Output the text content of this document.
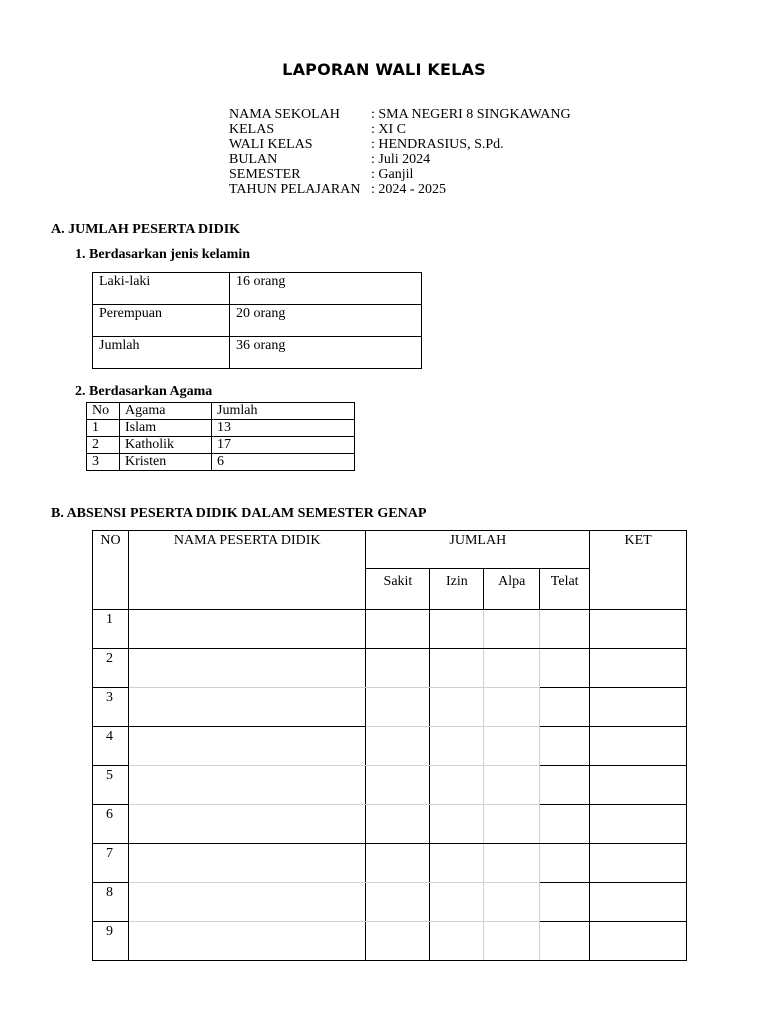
LAPORAN WALI KELAS
NAMA SEKOLAH	: SMA NEGERI 8 SINGKAWANG
KELAS	: XI C
WALI KELAS	: HENDRASIUS, S.Pd.
BULAN	: Juli 2024
SEMESTER	: Ganjil
TAHUN PELAJARAN : 2024 - 2025
A. JUMLAH PESERTA DIDIK
1. Berdasarkan jenis kelamin
Laki-laki	16 orang
Perempuan	20 orang
Jumlah	36 orang
2. Berdasarkan Agama
No	Agama	Jumlah
1	Islam	13
2	Katholik	17
3	Kristen	6
B. ABSENSI PESERTA DIDIK DALAM SEMESTER GENAP
NO	NAMA PESERTA DIDIK	JUMLAH				KET
		Sakit	Izin	Alpa	Telat	
1						
2						
3						
4						
5						
6						
7						
8						
9						
